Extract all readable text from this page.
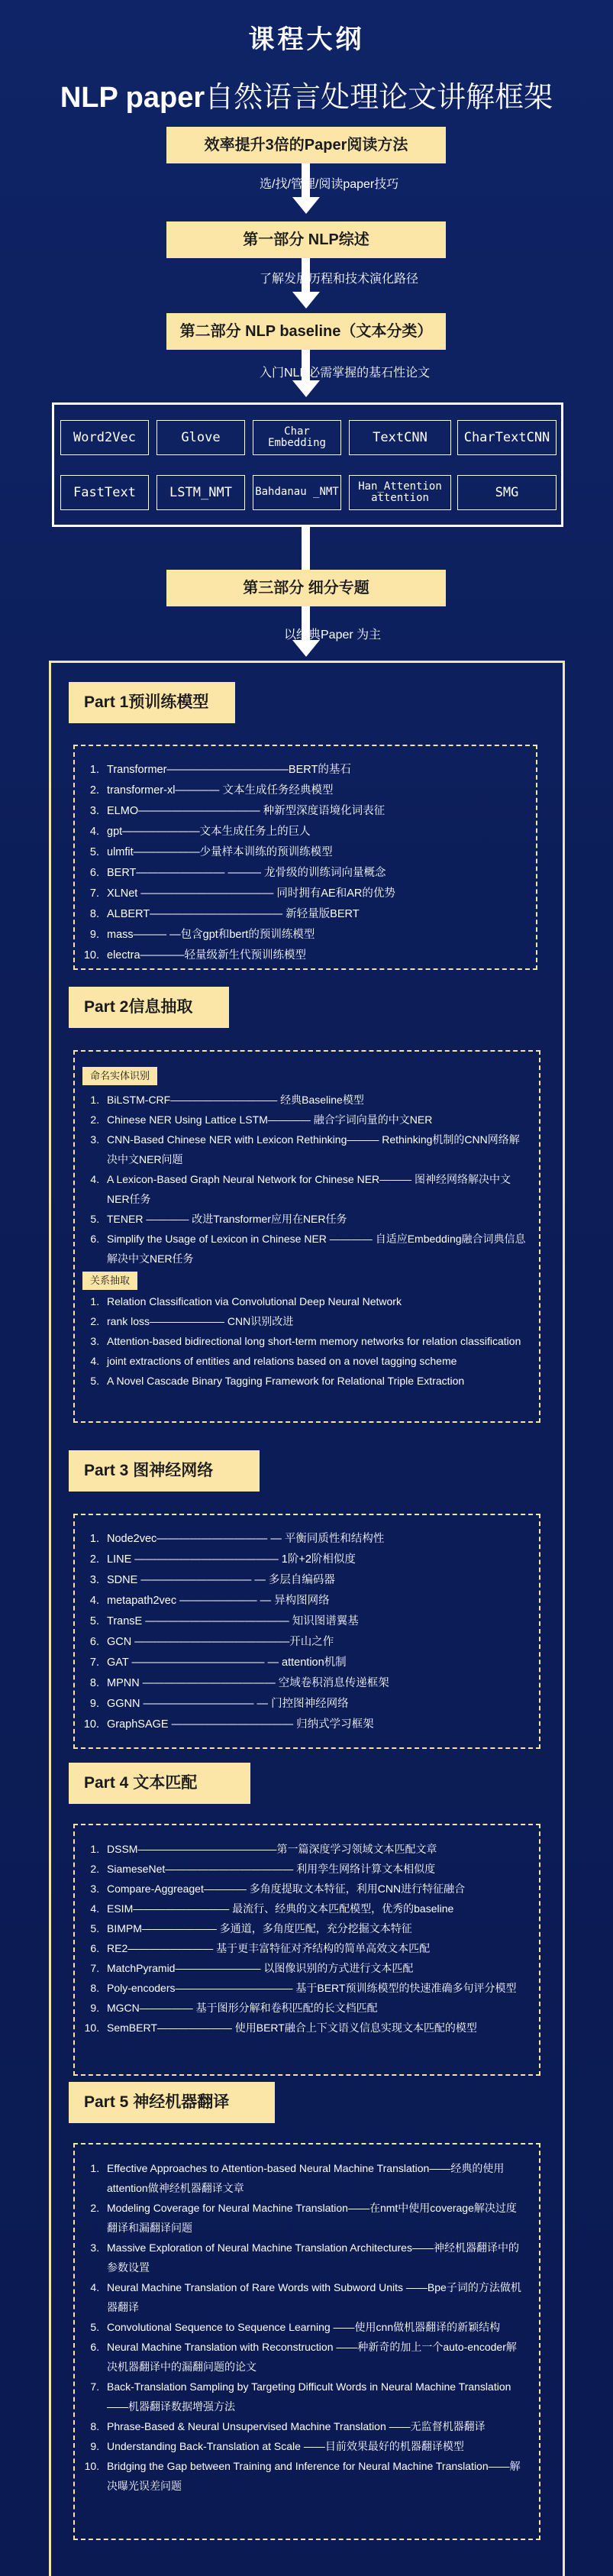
课程大纲
NLP paper自然语言处理论文讲解框架
效率提升3倍的Paper阅读方法
选/找/管理/阅读paper技巧
第一部分 NLP综述
了解发展历程和技术演化路径
第二部分 NLP baseline（文本分类）
入门NLP必需掌握的基石性论文
Word2Vec	Glove	Char Embedding	TextCNN	CharTextCNN
FastText	LSTM_NMT	Bahdanau _NMT	Han_Attention attention	SMG
第三部分 细分专题
以经典Paper 为主
Part 1预训练模型
1. Transformer———————————BERT的基石
2. transformer-xl———— 文本生成任务经典模型
3. ELMO——————————— 种新型深度语境化词表征
4. gpt———————文本生成任务上的巨人
5. ulmfit——————少量样本训练的预训练模型
6. BERT———————— ——— 龙骨级的训练词向量概念
7. XLNet ———————————— 同时拥有AE和AR的优势
8. ALBERT———————————— 新轻量版BERT
9. mass——— —包含gpt和bert的预训练模型
10. electra————轻量级新生代预训练模型
Part 2信息抽取
命名实体识别
1. BiLSTM-CRF—————————— 经典Baseline模型
2. Chinese NER Using Lattice LSTM———— 融合字词向量的中文NER
3. CNN-Based Chinese NER with Lexicon Rethinking——— Rethinking机制的CNN网络解决中文NER问题
4. A Lexicon-Based Graph Neural Network for Chinese NER——— 图神经网络解决中文NER任务
5. TENER ———— 改进Transformer应用在NER任务
6. Simplify the Usage of Lexicon in Chinese NER ———— 自适应Embedding融合词典信息解决中文NER任务
关系抽取
1. Relation Classification via Convolutional Deep Neural Network
2. rank loss——————— CNN识别改进
3. Attention-based bidirectional long short-term memory networks for relation classification
4. joint extractions of entities and relations based on a novel tagging scheme
5. A Novel Cascade Binary Tagging Framework for Relational Triple Extraction
Part 3 图神经网络
1. Node2vec—————————— — 平衡同质性和结构性
2. LINE ————————————— 1阶+2阶相似度
3. SDNE —————————— — 多层自编码器
4. metapath2vec ——————— — 异构图网络
5. TransE ————————————— 知识图谱翼基
6. GCN ——————————————开山之作
7. GAT ———————————— — attention机制
8. MPNN ———————————— 空域卷积消息传递框架
9. GGNN —————————— — 门控图神经网络
10. GraphSAGE ——————————— 归纳式学习框架
Part 4 文本匹配
1. DSSM—————————————第一篇深度学习领域文本匹配文章
2. SiameseNet———————————— 利用孪生网络计算文本相似度
3. Compare-Aggreaget———— 多角度提取文本特征，利用CNN进行特征融合
4. ESIM————————— 最流行、经典的文本匹配模型，优秀的baseline
5. BIMPM——————— 多通道，多角度匹配，充分挖掘文本特征
6. RE2———————— 基于更丰富特征对齐结构的简单高效文本匹配
7. MatchPyramid———————— 以图像识别的方式进行文本匹配
8. Poly-encoders——————————— 基于BERT预训练模型的快速准确多句评分模型
9. MGCN————— 基于图形分解和卷积匹配的长文档匹配
10. SemBERT——————— 使用BERT融合上下文语义信息实现文本匹配的模型
Part 5 神经机器翻译
1. Effective Approaches to Attention-based Neural Machine Translation——经典的使用attention做神经机器翻译文章
2. Modeling Coverage for Neural Machine Translation——在nmt中使用coverage解决过度翻译和漏翻译问题
3. Massive Exploration of Neural Machine Translation Architectures——神经机器翻译中的参数设置
4. Neural Machine Translation of Rare Words with Subword Units ——Bpe子词的方法做机器翻译
5. Convolutional Sequence to Sequence Learning ——使用cnn做机器翻译的新颖结构
6. Neural Machine Translation with Reconstruction ——种新奇的加上一个auto-encoder解决机器翻译中的漏翻问题的论文
7. Back-Translation Sampling by Targeting Difficult Words in Neural Machine Translation ——机器翻译数据增强方法
8. Phrase-Based & Neural Unsupervised Machine Translation ——无监督机器翻译
9. Understanding Back-Translation at Scale ——目前效果最好的机器翻译模型
10. Bridging the Gap between Training and Inference for Neural Machine Translation——解决曝光误差问题
